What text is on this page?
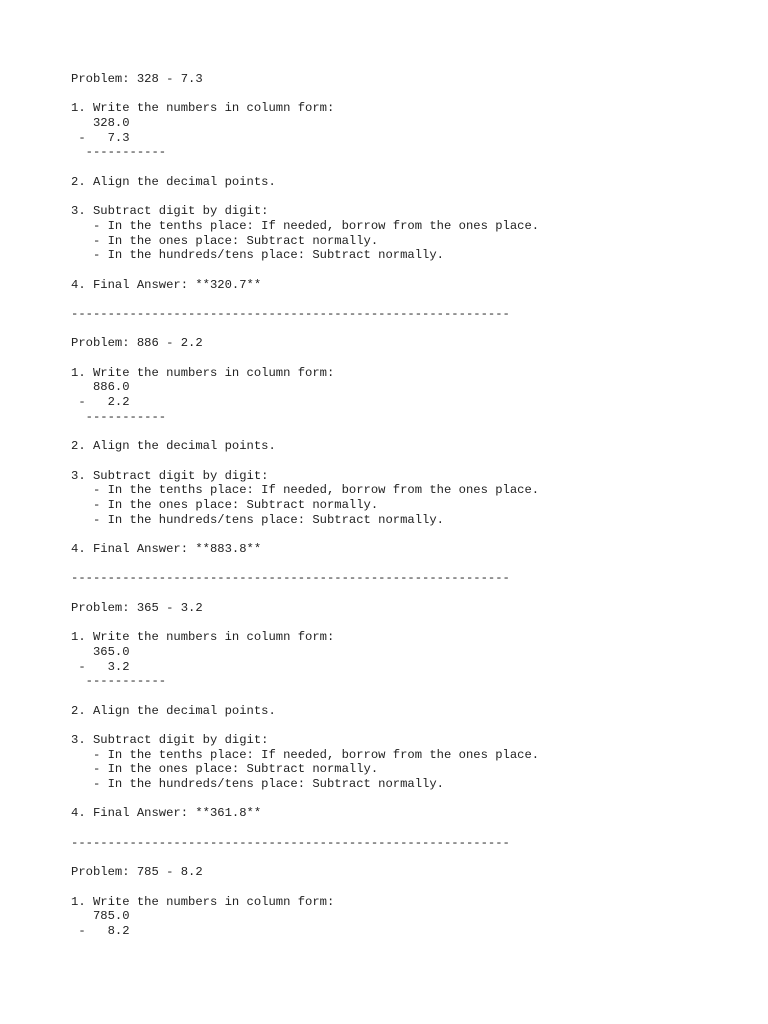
Problem: 328 - 7.3
1. Write the numbers in column form:
328.0
-   7.3
-----------
2. Align the decimal points.
3. Subtract digit by digit:
- In the tenths place: If needed, borrow from the ones place.
- In the ones place: Subtract normally.
- In the hundreds/tens place: Subtract normally.
4. Final Answer: **320.7**
------------------------------------------------------------
Problem: 886 - 2.2
1. Write the numbers in column form:
886.0
-   2.2
-----------
2. Align the decimal points.
3. Subtract digit by digit:
- In the tenths place: If needed, borrow from the ones place.
- In the ones place: Subtract normally.
- In the hundreds/tens place: Subtract normally.
4. Final Answer: **883.8**
------------------------------------------------------------
Problem: 365 - 3.2
1. Write the numbers in column form:
365.0
-   3.2
-----------
2. Align the decimal points.
3. Subtract digit by digit:
- In the tenths place: If needed, borrow from the ones place.
- In the ones place: Subtract normally.
- In the hundreds/tens place: Subtract normally.
4. Final Answer: **361.8**
------------------------------------------------------------
Problem: 785 - 8.2
1. Write the numbers in column form:
785.0
-   8.2
